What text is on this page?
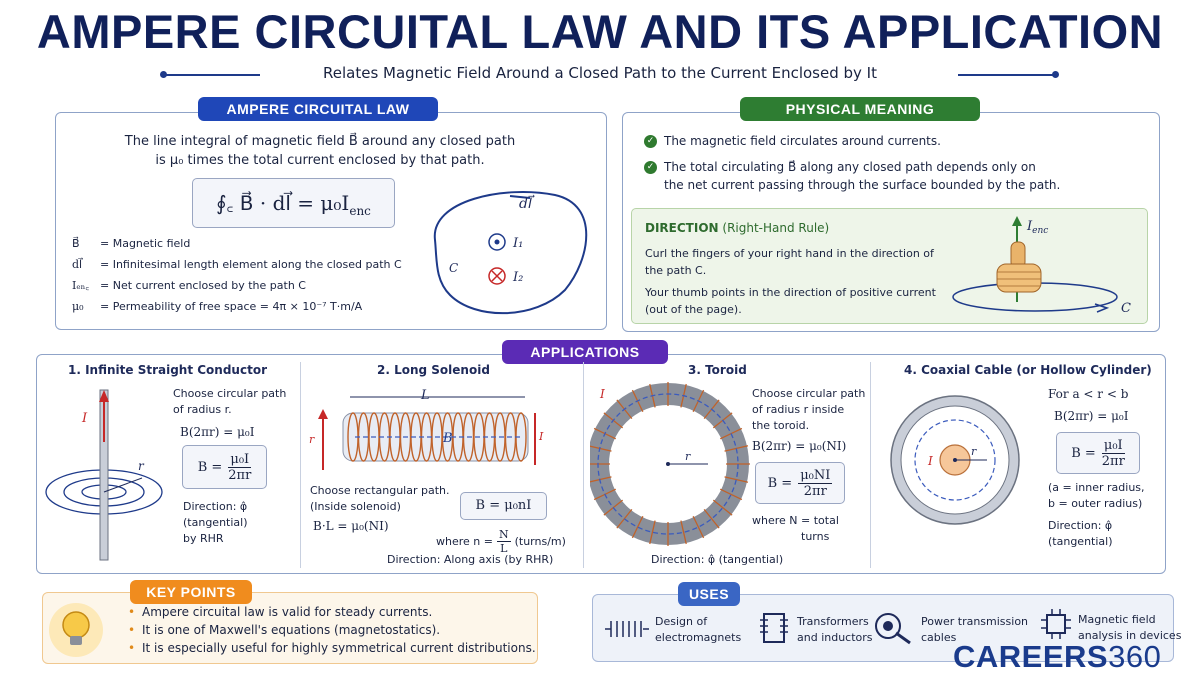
AMPERE CIRCUITAL LAW AND ITS APPLICATION
Relates Magnetic Field Around a Closed Path to the Current Enclosed by It
AMPERE CIRCUITAL LAW
The line integral of magnetic field B⃗ around any closed path
is μ₀ times the total current enclosed by that path.
∮꜀ B⃗ · dl⃗ = $\mu_0I_{enc}$
B⃗	= Magnetic field
dl⃗	= Infinitesimal length element along the closed path C
Iₑₙ꜀ = Net current enclosed by the path C
μ₀	= Permeability of free space = 4π × 10⁻⁷ T·m/A
dl⃗
I₁
I₂
C
PHYSICAL MEANING
✓ The magnetic field circulates around currents.
✓ The total circulating B⃗ along any closed path depends only on
the net current passing through the surface bounded by the path.
DIRECTION (Right-Hand Rule)
Curl the fingers of your right hand in the direction of
the path C.
Your thumb points in the direction of positive current
(out of the page).
$I_{enc}$
C
APPLICATIONS
1. Infinite Straight Conductor
Choose circular path
of radius r.
B(2πr) = μ₀I
$B = \frac{\text{μ₀I}}{2\pi r}$
Direction: φ̂
(tangential)
by RHR
I
r
2. Long Solenoid
L
B
r	I
Choose rectangular path.
(Inside solenoid)
B·L = μ₀(NI)
B = μ₀nI
where $n = \frac{N}{L}$ (turns/m)
Direction: Along axis (by RHR)
3. Toroid
r
I	Choose circular path
of radius r inside
the toroid.
B(2πr) = μ₀(NI)
$B = \frac{\text{μ₀NI}}{2\pi r}$
where N = total
turns
Direction: φ̂ (tangential)
4. Coaxial Cable (or Hollow Cylinder)
r
I
For a < r < b
B(2πr) = μ₀I
$B = \frac{\text{μ₀I}}{2\pi r}$
(a = inner radius,
b = outer radius)
Direction: φ̂
(tangential)
KEY POINTS
• Ampere circuital law is valid for steady currents.
• It is one of Maxwell's equations (magnetostatics).
• It is especially useful for highly symmetrical current distributions.
USES
Design of
electromagnets
Transformers
and inductors
Power transmission
cables
Magnetic field
analysis in devices
CAREERS360
